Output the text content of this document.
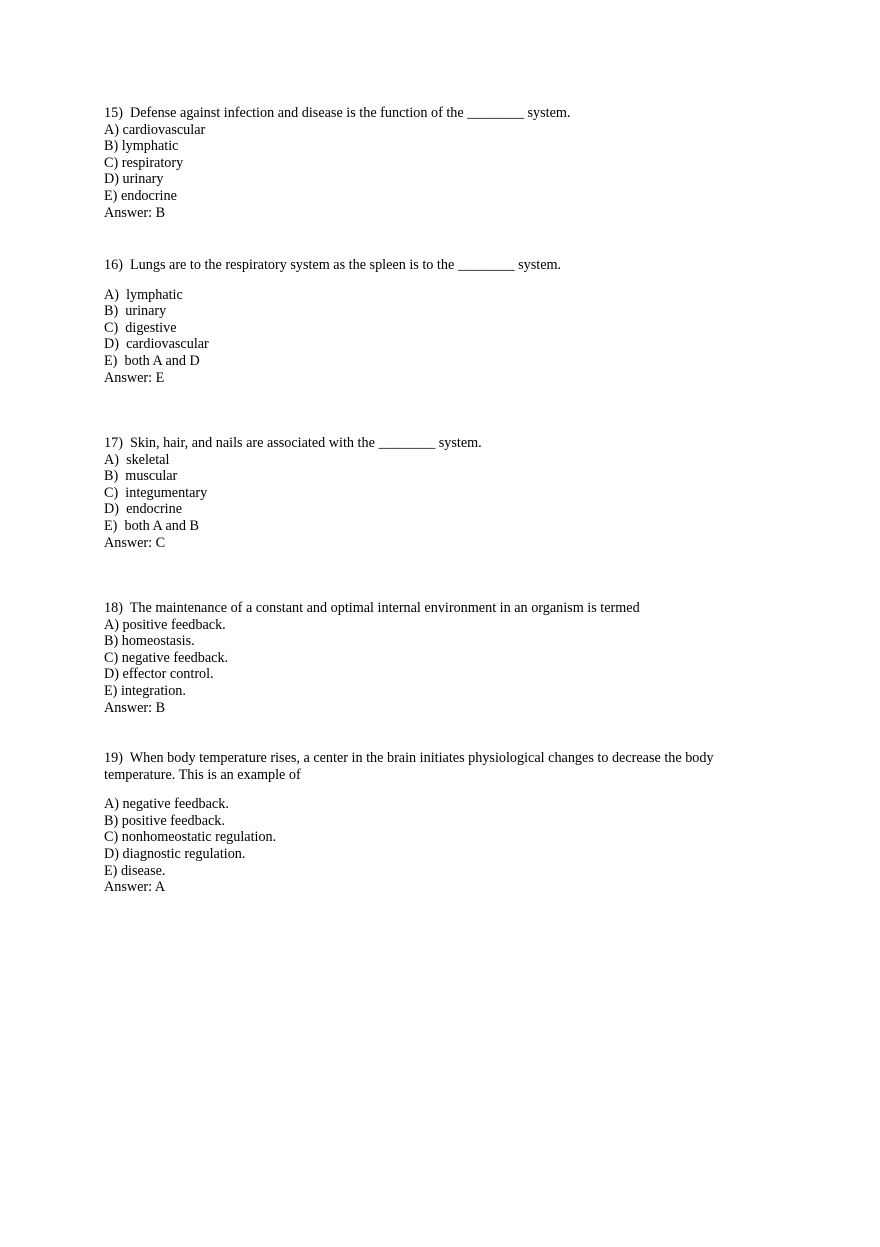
15)  Defense against infection and disease is the function of the ________ system.
A) cardiovascular
B) lymphatic
C) respiratory
D) urinary
E) endocrine
Answer: B
16)  Lungs are to the respiratory system as the spleen is to the ________ system.
A)  lymphatic
B)  urinary
C)  digestive
D)  cardiovascular
E)  both A and D
Answer: E
17)  Skin, hair, and nails are associated with the ________ system.
A)  skeletal
B)  muscular
C)  integumentary
D)  endocrine
E)  both A and B
Answer: C
18)  The maintenance of a constant and optimal internal environment in an organism is termed
A) positive feedback.
B) homeostasis.
C) negative feedback.
D) effector control.
E) integration.
Answer: B
19)  When body temperature rises, a center in the brain initiates physiological changes to decrease the body
temperature. This is an example of
A) negative feedback.
B) positive feedback.
C) nonhomeostatic regulation.
D) diagnostic regulation.
E) disease.
Answer: A
